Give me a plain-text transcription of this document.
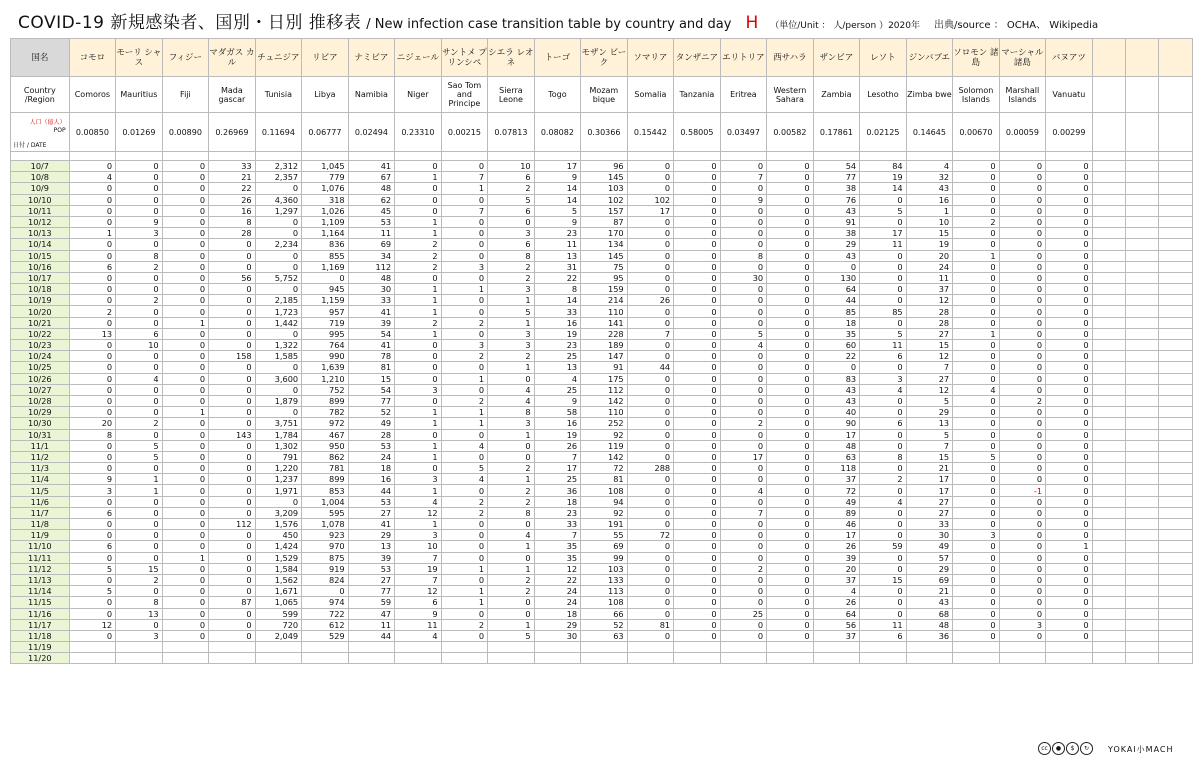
COVID-19 新規感染者、国別・日別 推移表 / New infection case transition table by country and day H （単位/Unit ： 人/person ）2020年 出典/source ： OCHA、 Wikipedia
国名	コモロ	モーリ シャス	フィジー	マダガス カル	チュニジア	リビア	ナミビア	ニジェール	サントメ プリンシペ	シエラ レオネ	トーゴ	モザン ビーク	ソマリア	タンザニア	エリトリア	西サハラ	ザンビア	レソト	ジンバブエ	ソロモン 諸島	マーシャル 諸島	バヌアツ			
Country /Region	Comoros	Mauritius	Fiji	Mada gascar	Tunisia	Libya	Namibia	Niger	Sao Tom and Principe	Sierra Leone	Togo	Mozam bique	Somalia	Tanzania	Eritrea	Western Sahara	Zambia	Lesotho	Zimba bwe	Solomon Islands	Marshall Islands	Vanuatu			

人口（億人）
POP
日付 / DATE	0.00850	0.01269	0.00890	0.26969	0.11694	0.06777	0.02494	0.23310	0.00215	0.07813	0.08082	0.30366	0.15442	0.58005	0.03497	0.00582	0.17861	0.02125	0.14645	0.00670	0.00059	0.00299			

10/7	0	0	0	33	2,312	1,045	41	0	0	10	17	96	0	0	0	0	54	84	4	0	0	0			
10/8	4	0	0	21	2,357	779	67	1	7	6	9	145	0	0	7	0	77	19	32	0	0	0			
10/9	0	0	0	22	0	1,076	48	0	1	2	14	103	0	0	0	0	38	14	43	0	0	0			
10/10	0	0	0	26	4,360	318	62	0	0	5	14	102	102	0	9	0	76	0	16	0	0	0			
10/11	0	0	0	16	1,297	1,026	45	0	7	6	5	157	17	0	0	0	43	5	1	0	0	0			
10/12	0	9	0	8	0	1,109	53	1	0	0	9	87	0	0	0	0	91	0	10	2	0	0			
10/13	1	3	0	28	0	1,164	11	1	0	3	23	170	0	0	0	0	38	17	15	0	0	0			
10/14	0	0	0	0	2,234	836	69	2	0	6	11	134	0	0	0	0	29	11	19	0	0	0			
10/15	0	8	0	0	0	855	34	2	0	8	13	145	0	0	8	0	43	0	20	1	0	0			
10/16	6	2	0	0	0	1,169	112	2	3	2	31	75	0	0	0	0	0	0	24	0	0	0			
10/17	0	0	0	56	5,752	0	48	0	0	2	22	95	0	0	30	0	130	0	11	0	0	0			
10/18	0	0	0	0	0	945	30	1	1	3	8	159	0	0	0	0	64	0	37	0	0	0			
10/19	0	2	0	0	2,185	1,159	33	1	0	1	14	214	26	0	0	0	44	0	12	0	0	0			
10/20	2	0	0	0	1,723	957	41	1	0	5	33	110	0	0	0	0	85	85	28	0	0	0			
10/21	0	0	1	0	1,442	719	39	2	2	1	16	141	0	0	0	0	18	0	28	0	0	0			
10/22	13	6	0	0	0	995	54	1	0	3	19	228	7	0	5	0	35	5	27	1	0	0			
10/23	0	10	0	0	1,322	764	41	0	3	3	23	189	0	0	4	0	60	11	15	0	0	0			
10/24	0	0	0	158	1,585	990	78	0	2	2	25	147	0	0	0	0	22	6	12	0	0	0			
10/25	0	0	0	0	0	1,639	81	0	0	1	13	91	44	0	0	0	0	0	7	0	0	0			
10/26	0	4	0	0	3,600	1,210	15	0	1	0	4	175	0	0	0	0	83	3	27	0	0	0			
10/27	0	0	0	0	0	752	54	3	0	4	25	112	0	0	0	0	43	4	12	4	0	0			
10/28	0	0	0	0	1,879	899	77	0	2	4	9	142	0	0	0	0	43	0	5	0	2	0			
10/29	0	0	1	0	0	782	52	1	1	8	58	110	0	0	0	0	40	0	29	0	0	0			
10/30	20	2	0	0	3,751	972	49	1	1	3	16	252	0	0	2	0	90	6	13	0	0	0			
10/31	8	0	0	143	1,784	467	28	0	0	1	19	92	0	0	0	0	17	0	5	0	0	0			
11/1	0	5	0	0	1,302	950	53	1	4	0	26	119	0	0	0	0	48	0	7	0	0	0			
11/2	0	5	0	0	791	862	24	1	0	0	7	142	0	0	17	0	63	8	15	5	0	0			
11/3	0	0	0	0	1,220	781	18	0	5	2	17	72	288	0	0	0	118	0	21	0	0	0			
11/4	9	1	0	0	1,237	899	16	3	4	1	25	81	0	0	0	0	37	2	17	0	0	0			
11/5	3	1	0	0	1,971	853	44	1	0	2	36	108	0	0	4	0	72	0	17	0	-1	0			
11/6	0	0	0	0	0	1,004	53	4	2	2	18	94	0	0	0	0	49	4	27	0	0	0			
11/7	6	0	0	0	3,209	595	27	12	2	8	23	92	0	0	7	0	89	0	27	0	0	0			
11/8	0	0	0	112	1,576	1,078	41	1	0	0	33	191	0	0	0	0	46	0	33	0	0	0			
11/9	0	0	0	0	450	923	29	3	0	4	7	55	72	0	0	0	17	0	30	3	0	0			
11/10	6	0	0	0	1,424	970	13	10	0	1	35	69	0	0	0	0	26	59	49	0	0	1			
11/11	0	0	1	0	1,529	875	39	7	0	0	35	99	0	0	0	0	39	0	57	0	0	0			
11/12	5	15	0	0	1,584	919	53	19	1	1	12	103	0	0	2	0	20	0	29	0	0	0			
11/13	0	2	0	0	1,562	824	27	7	0	2	22	133	0	0	0	0	37	15	69	0	0	0			
11/14	5	0	0	0	1,671	0	77	12	1	2	24	113	0	0	0	0	4	0	21	0	0	0			
11/15	0	8	0	87	1,065	974	59	6	1	0	24	108	0	0	0	0	26	0	43	0	0	0			
11/16	0	13	0	0	599	722	47	9	0	0	18	66	0	0	25	0	64	0	68	0	0	0			
11/17	12	0	0	0	720	612	11	11	2	1	29	52	81	0	0	0	56	11	48	0	3	0			
11/18	0	3	0	0	2,049	529	44	4	0	5	30	63	0	0	0	0	37	6	36	0	0	0			
11/19																									
11/20																									
cc	●	$	↻	YOKAI小MACH
